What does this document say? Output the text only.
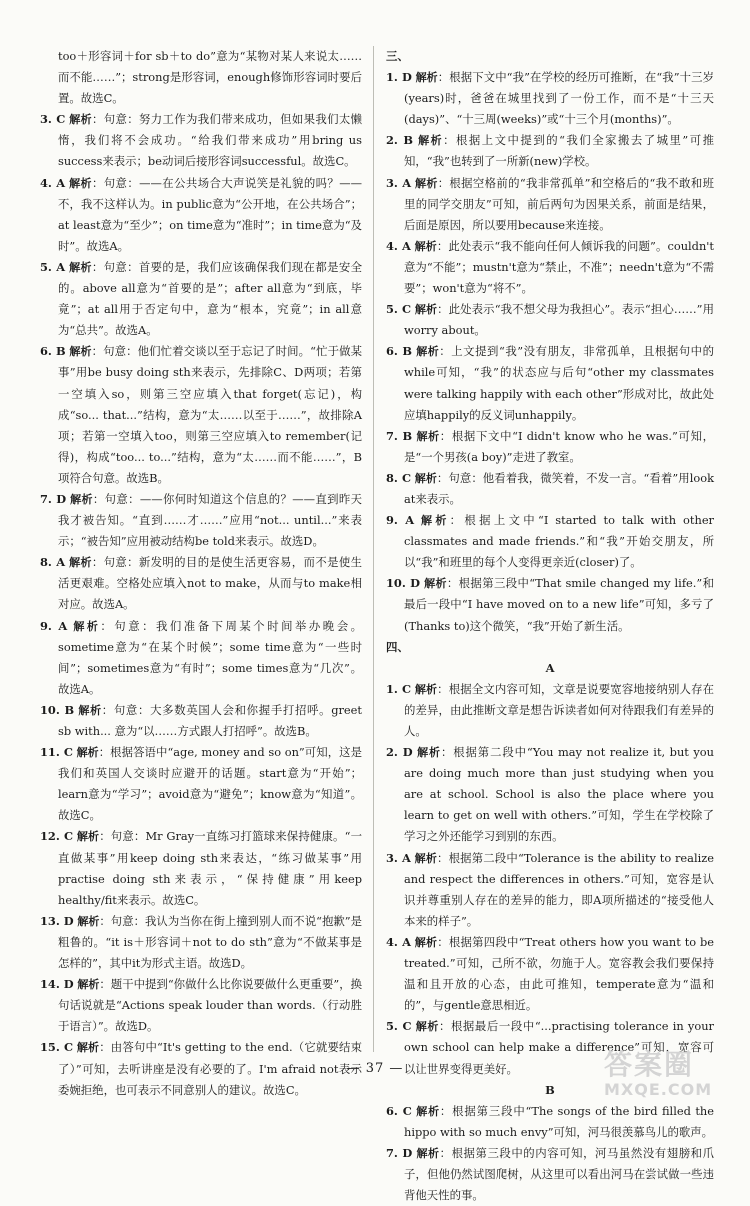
too＋形容词＋for sb＋to do”意为“某物对某人来说太……而不能……”；strong是形容词，enough修饰形容词时要后置。故选C。

3. C 解析：句意：努力工作为我们带来成功，但如果我们太懒惰，我们将不会成功。“给我们带来成功”用bring us success来表示；be动词后接形容词successful。故选C。

4. A 解析：句意：——在公共场合大声说笑是礼貌的吗？——不，我不这样认为。in public意为“公开地，在公共场合”；at least意为“至少”；on time意为“准时”；in time意为“及时”。故选A。

5. A 解析：句意：首要的是，我们应该确保我们现在都是安全的。above all意为“首要的是”；after all意为“到底，毕竟”；at all用于否定句中，意为“根本，究竟”；in all意为“总共”。故选A。

6. B 解析：句意：他们忙着交谈以至于忘记了时间。“忙于做某事”用be busy doing sth来表示，先排除C、D两项；若第一空填入so，则第三空应填入that forget(忘记)，构成“so... that...”结构，意为“太……以至于……”，故排除A项；若第一空填入too，则第三空应填入to remember(记得)，构成“too... to...”结构，意为“太……而不能……”，B项符合句意。故选B。

7. D 解析：句意：——你何时知道这个信息的？——直到昨天我才被告知。“直到……才……”应用“not... until...”来表示；“被告知”应用被动结构be told来表示。故选D。

8. A 解析：句意：新发明的目的是使生活更容易，而不是使生活更艰难。空格处应填入not to make，从而与to make相对应。故选A。

9. A 解析：句意：我们准备下周某个时间举办晚会。sometime意为“在某个时候”；some time意为“一些时间”；sometimes意为“有时”；some times意为“几次”。故选A。

10. B 解析：句意：大多数英国人会和你握手打招呼。greet sb with... 意为“以……方式跟人打招呼”。故选B。

11. C 解析：根据答语中“age, money and so on”可知，这是我们和英国人交谈时应避开的话题。start意为“开始”；learn意为“学习”；avoid意为“避免”；know意为“知道”。故选C。

12. C 解析：句意：Mr Gray一直练习打篮球来保持健康。“一直做某事”用keep doing sth来表达，“练习做某事”用practise doing sth来表示，“保持健康”用keep healthy/fit来表示。故选C。

13. D 解析：句意：我认为当你在街上撞到别人而不说“抱歉”是粗鲁的。“it is＋形容词＋not to do sth”意为“不做某事是怎样的”，其中it为形式主语。故选D。

14. D 解析：题干中提到“你做什么比你说要做什么更重要”，换句话说就是“Actions speak louder than words.（行动胜于语言）”。故选D。

15. C 解析：由答句中“It's getting to the end.（它就要结束了）”可知，去听讲座是没有必要的了。I'm afraid not表示委婉拒绝，也可表示不同意别人的建议。故选C。

三、

1. D 解析：根据下文中“我”在学校的经历可推断，在“我”十三岁(years)时，爸爸在城里找到了一份工作，而不是“十三天(days)”、“十三周(weeks)”或“十三个月(months)”。

2. B 解析：根据上文中提到的“我们全家搬去了城里”可推知，“我”也转到了一所新(new)学校。

3. A 解析：根据空格前的“我非常孤单”和空格后的“我不敢和班里的同学交朋友”可知，前后两句为因果关系，前面是结果，后面是原因，所以要用because来连接。

4. A 解析：此处表示“我不能向任何人倾诉我的问题”。couldn't意为“不能”；mustn't意为“禁止，不准”；needn't意为“不需要”；won't意为“将不”。

5. C 解析：此处表示“我不想父母为我担心”。表示“担心……”用worry about。

6. B 解析：上文提到“我”没有朋友，非常孤单，且根据句中的while可知，“我”的状态应与后句“other my classmates were talking happily with each other”形成对比，故此处应填happily的反义词unhappily。

7. B 解析：根据下文中“I didn't know who he was.”可知，是“一个男孩(a boy)”走进了教室。

8. C 解析：句意：他看着我，微笑着，不发一言。“看着”用look at来表示。

9. A 解析：根据上文中“I started to talk with other classmates and made friends.”和“我”开始交朋友，所以“我”和班里的每个人变得更亲近(closer)了。

10. D 解析：根据第三段中“That smile changed my life.”和最后一段中“I have moved on to a new life”可知，多亏了(Thanks to)这个微笑，“我”开始了新生活。

四、

A

1. C 解析：根据全文内容可知，文章是说要宽容地接纳别人存在的差异，由此推断文章是想告诉读者如何对待跟我们有差异的人。

2. D 解析：根据第二段中“You may not realize it, but you are doing much more than just studying when you are at school. School is also the place where you learn to get on well with others.”可知，学生在学校除了学习之外还能学习到别的东西。

3. A 解析：根据第二段中“Tolerance is the ability to realize and respect the differences in others.”可知，宽容是认识并尊重别人存在的差异的能力，即A项所描述的“接受他人本来的样子”。

4. A 解析：根据第四段中“Treat others how you want to be treated.”可知，己所不欲，勿施于人。宽容教会我们要保持温和且开放的心态，由此可推知，temperate意为“温和的”，与gentle意思相近。

5. C 解析：根据最后一段中“...practising tolerance in your own school can help make a difference”可知，宽容可以让世界变得更美好。

B

6. C 解析：根据第三段中“The songs of the bird filled the hippo with so much envy”可知，河马很羡慕鸟儿的歌声。

7. D 解析：根据第三段中的内容可知，河马虽然没有翅膀和爪子，但他仍然试图爬树，从这里可以看出河马在尝试做一些违背他天性的事。

— 37 —	答案圈
MXQE.COM
